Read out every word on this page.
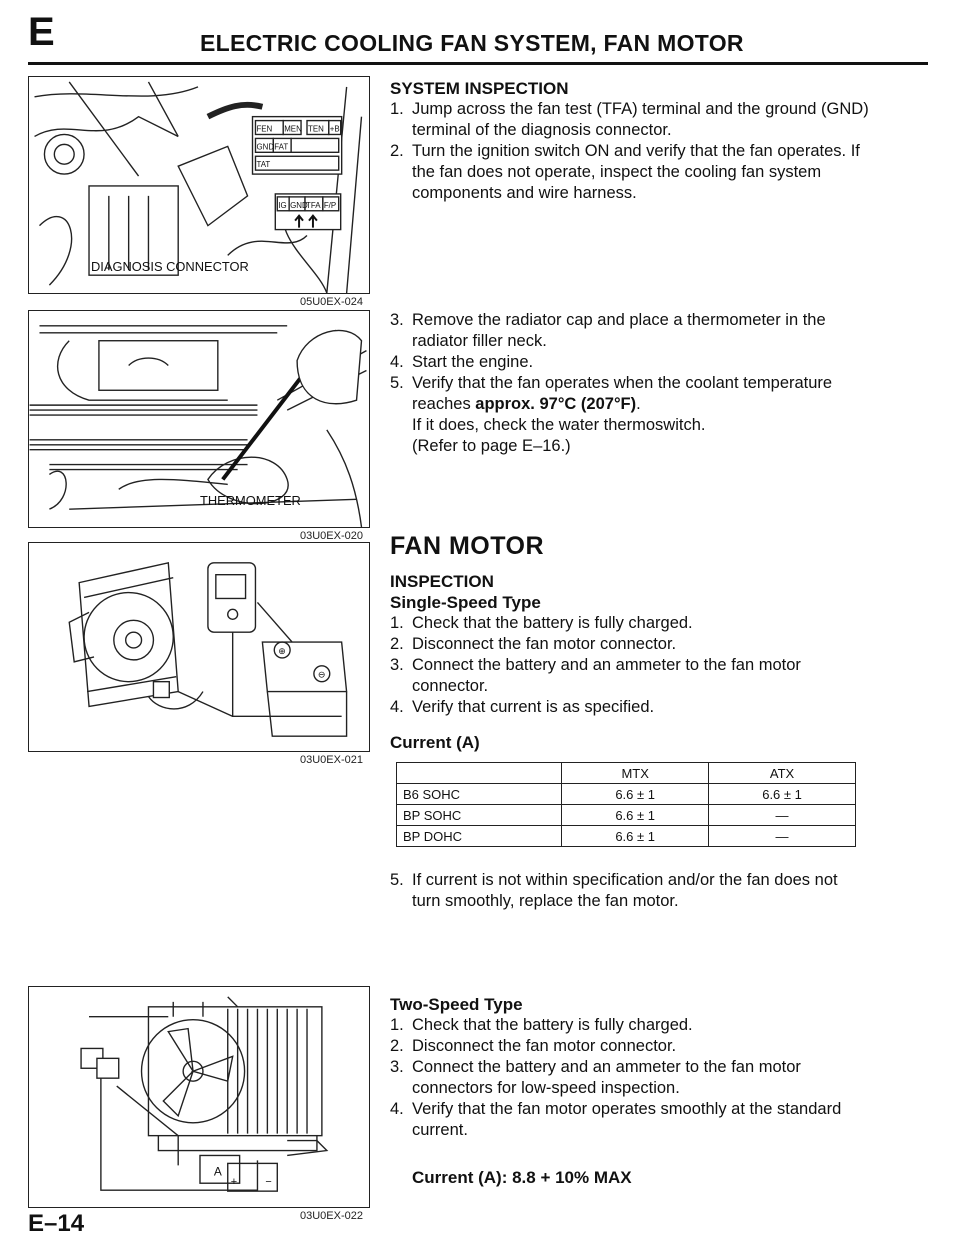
E	ELECTRIC COOLING FAN SYSTEM, FAN MOTOR
FEN MEN TEN +B
GND FAT
TAT
IG GND
TFA F/P
DIAGNOSIS CONNECTOR
05U0EX-024
THERMOMETER
03U0EX-020
⊕
⊖
03U0EX-021
A
+	−
03U0EX-022
SYSTEM INSPECTION
1. Jump across the fan test (TFA) terminal and the ground (GND) terminal of the diagnosis connector.
2. Turn the ignition switch ON and verify that the fan operates. If the fan does not operate, inspect the cooling fan system components and wire harness.
3. Remove the radiator cap and place a thermometer in the radiator filler neck.
4. Start the engine.
5. Verify that the fan operates when the coolant temperature reaches approx. 97°C (207°F).
If it does, check the water thermoswitch.
(Refer to page E–16.)
FAN MOTOR
INSPECTION
Single-Speed Type
1. Check that the battery is fully charged.
2. Disconnect the fan motor connector.
3. Connect the battery and an ammeter to the fan motor connector.
4. Verify that current is as specified.
Current (A)
	MTX	ATX
B6 SOHC	6.6 ± 1	6.6 ± 1
BP SOHC	6.6 ± 1	—
BP DOHC	6.6 ± 1	—
5. If current is not within specification and/or the fan does not turn smoothly, replace the fan motor.
Two-Speed Type
1. Check that the battery is fully charged.
2. Disconnect the fan motor connector.
3. Connect the battery and an ammeter to the fan motor connectors for low-speed inspection.
4. Verify that the fan motor operates smoothly at the standard current.
Current (A): 8.8 + 10% MAX
E–14
